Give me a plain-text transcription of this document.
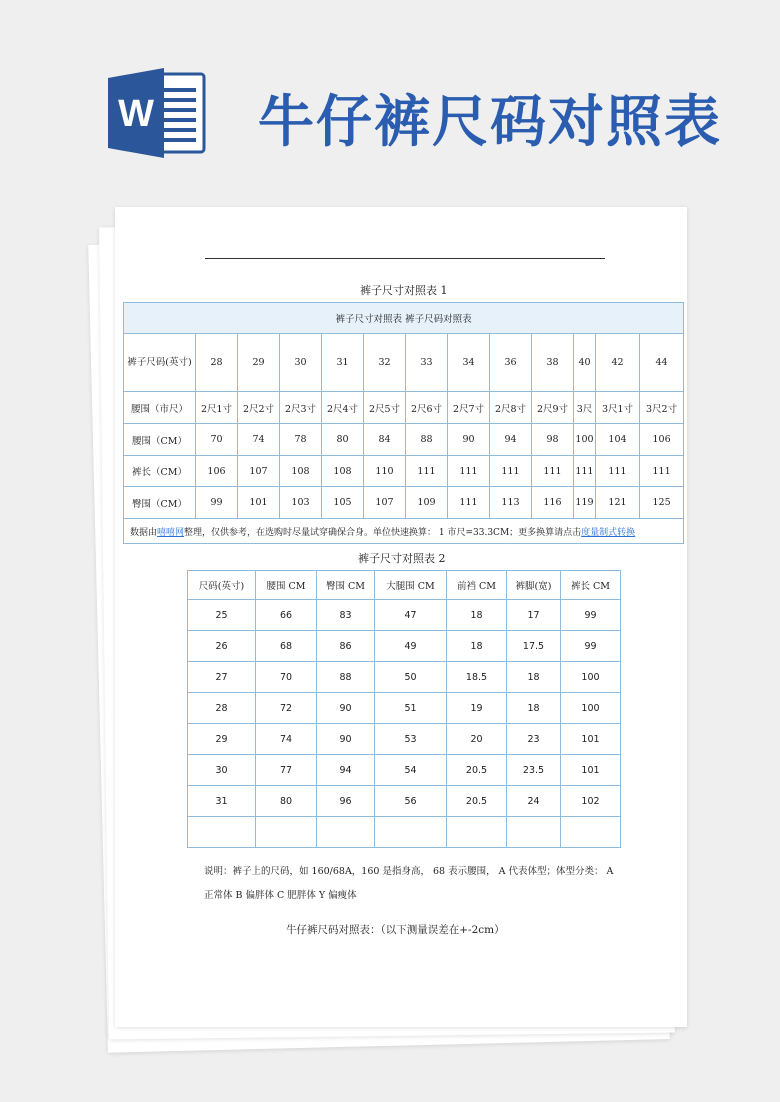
W 牛仔裤尺码对照表
裤子尺寸对照表 1
裤子尺寸对照表 裤子尺码对照表												
裤子尺码(英寸)	28	29	30	31	32	33	34	36	38	40	42	44
腰围（市尺）	2尺1寸	2尺2寸	2尺3寸	2尺4寸	2尺5寸	2尺6寸	2尺7寸	2尺8寸	2尺9寸	3尺	3尺1寸	3尺2寸
腰围（CM）	70	74	78	80	84	88	90	94	98	100	104	106
裤长（CM）	106	107	108	108	110	111	111	111	111	111	111	111
臀围（CM）	99	101	103	105	107	109	111	113	116	119	121	125
数据由嘻嘻网整理，仅供参考，在选购时尽量试穿确保合身。单位快速换算： 1 市尺=33.3CM；更多换算请点击度量制式转换												
裤子尺寸对照表 2
尺码(英寸)	腰围 CM	臀围 CM	大腿围 CM	前裆 CM	裤脚(宽)	裤长 CM
25	66	83	47	18	17	99
26	68	86	49	18	17.5	99
27	70	88	50	18.5	18	100
28	72	90	51	19	18	100
29	74	90	53	20	23	101
30	77	94	54	20.5	23.5	101
31	80	96	56	20.5	24	102

说明：裤子上的尺码，如 160/68A，160 是指身高， 68 表示腰围， A 代表体型；体型分类： A
正常体 B 偏胖体 C 肥胖体 Y 偏瘦体
牛仔裤尺码对照表：（以下测量误差在+-2cm）
